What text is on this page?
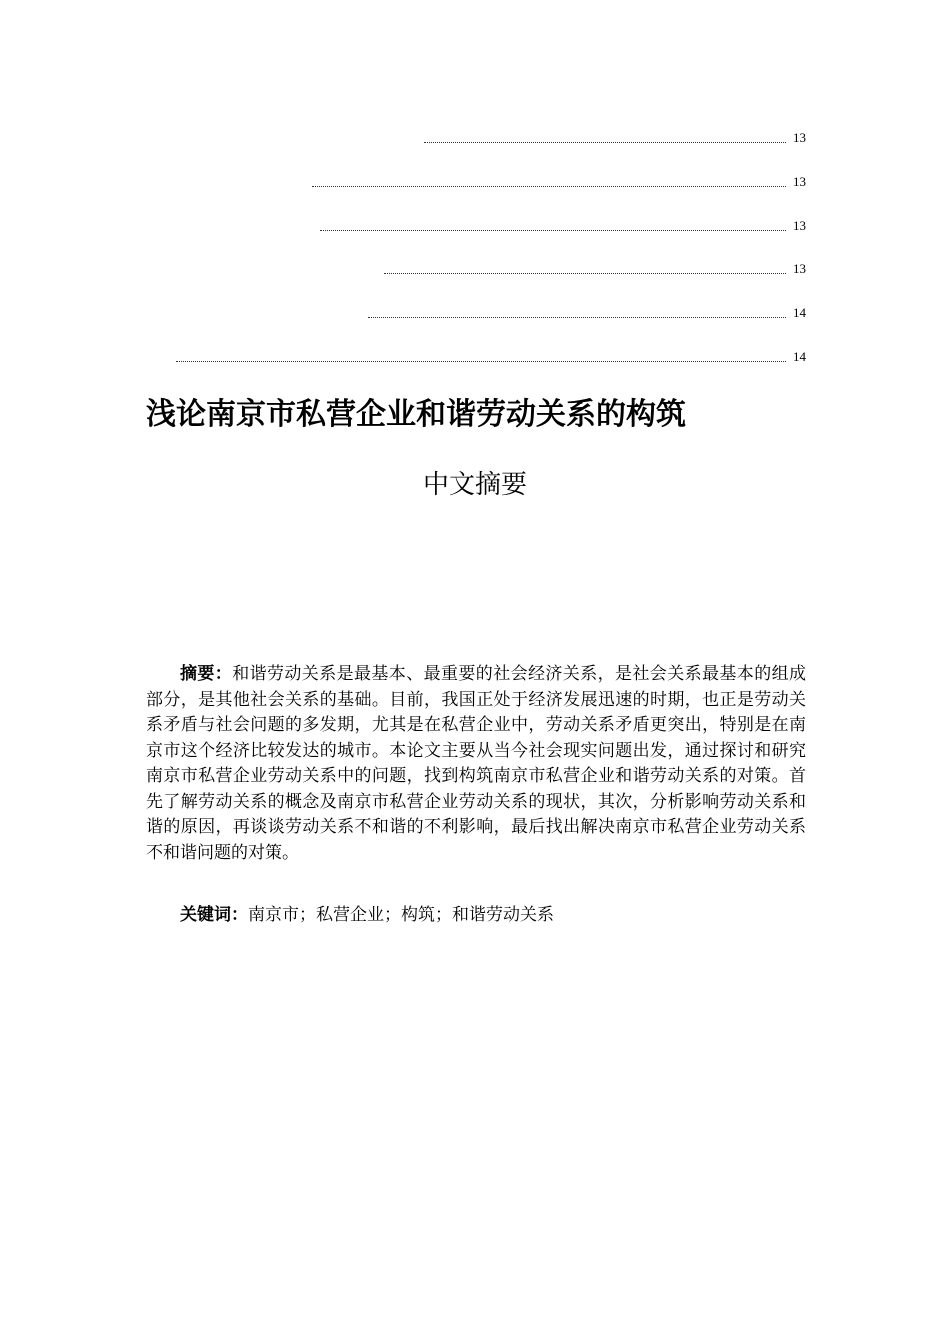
13
13
13
13
14
14
浅论南京市私营企业和谐劳动关系的构筑
中文摘要
摘要：和谐劳动关系是最基本、最重要的社会经济关系，是社会关系最基本的组成部分，是其他社会关系的基础。目前，我国正处于经济发展迅速的时期，也正是劳动关系矛盾与社会问题的多发期，尤其是在私营企业中，劳动关系矛盾更突出，特别是在南京市这个经济比较发达的城市。本论文主要从当今社会现实问题出发，通过探讨和研究南京市私营企业劳动关系中的问题，找到构筑南京市私营企业和谐劳动关系的对策。首先了解劳动关系的概念及南京市私营企业劳动关系的现状，其次，分析影响劳动关系和谐的原因，再谈谈劳动关系不和谐的不利影响，最后找出解决南京市私营企业劳动关系不和谐问题的对策。
关键词：南京市；私营企业；构筑；和谐劳动关系
